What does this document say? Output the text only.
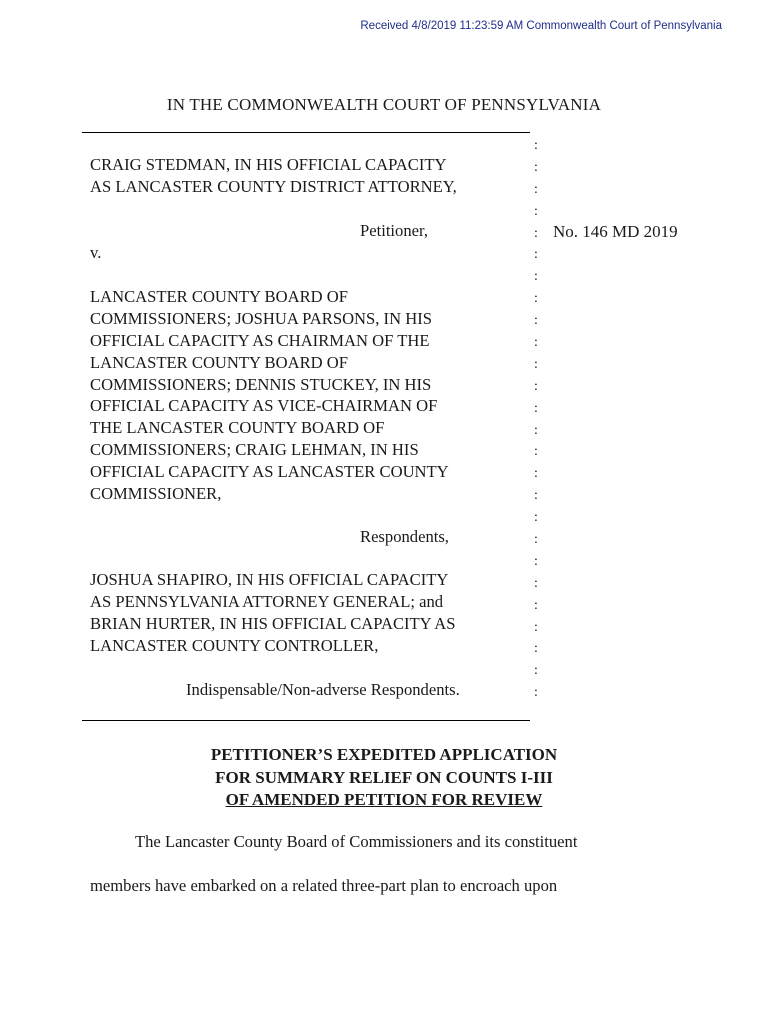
Received 4/8/2019 11:23:59 AM Commonwealth Court of Pennsylvania
IN THE COMMONWEALTH COURT OF PENNSYLVANIA
:
:
:
:
:
:
:
:
:
:
:
:
:
:
:
:
:
:
:
:
:
:
:
:
:
:
No. 146 MD 2019
CRAIG STEDMAN, IN HIS OFFICIAL CAPACITY
AS LANCASTER COUNTY DISTRICT ATTORNEY,
Petitioner,
v.
LANCASTER COUNTY BOARD OF
COMMISSIONERS; JOSHUA PARSONS, IN HIS
OFFICIAL CAPACITY AS CHAIRMAN OF THE
LANCASTER COUNTY BOARD OF
COMMISSIONERS; DENNIS STUCKEY, IN HIS
OFFICIAL CAPACITY AS VICE-CHAIRMAN OF
THE LANCASTER COUNTY BOARD OF
COMMISSIONERS; CRAIG LEHMAN, IN HIS
OFFICIAL CAPACITY AS LANCASTER COUNTY
COMMISSIONER,
Respondents,
JOSHUA SHAPIRO, IN HIS OFFICIAL CAPACITY
AS PENNSYLVANIA ATTORNEY GENERAL; and
BRIAN HURTER, IN HIS OFFICIAL CAPACITY AS
LANCASTER COUNTY CONTROLLER,
Indispensable/Non-adverse Respondents.
PETITIONER’S EXPEDITED APPLICATION
FOR SUMMARY RELIEF ON COUNTS I-III
OF AMENDED PETITION FOR REVIEW
The Lancaster County Board of Commissioners and its constituent
members have embarked on a related three-part plan to encroach upon
